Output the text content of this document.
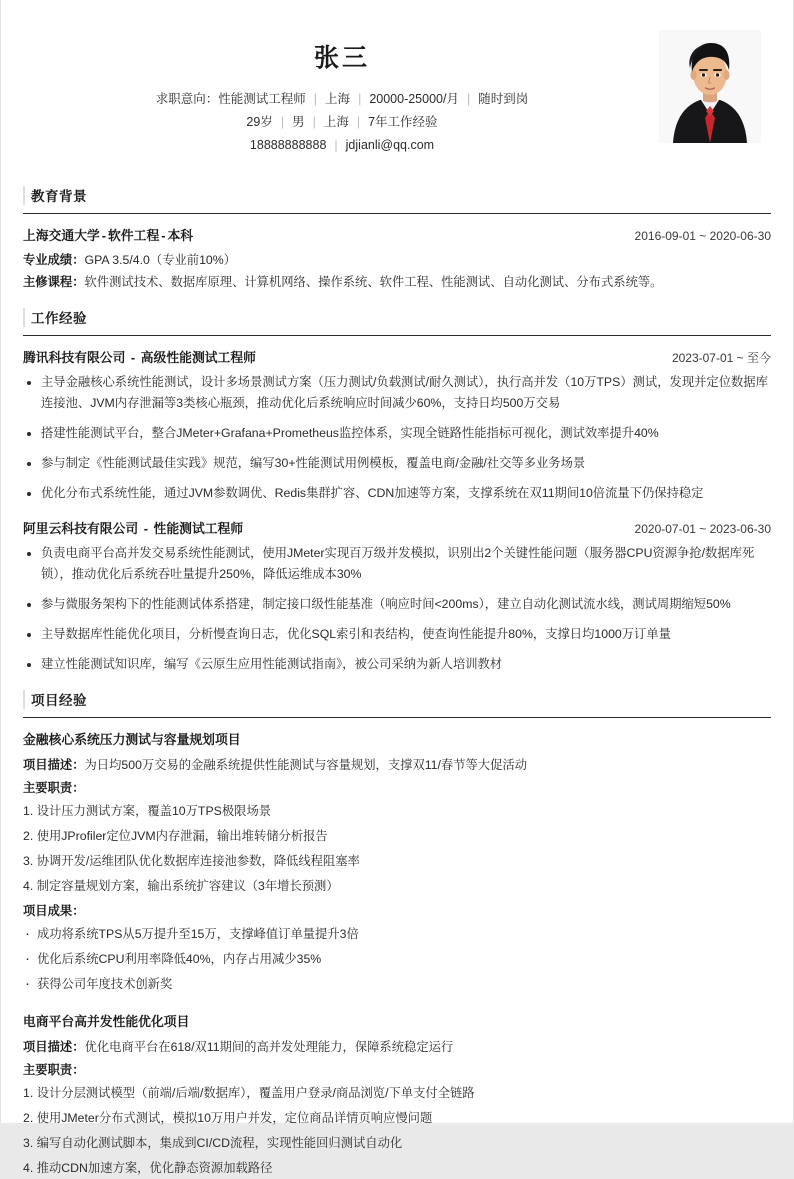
张三
求职意向：性能测试工程师 | 上海 | 20000-25000/月 | 随时到岗
29岁 | 男 | 上海 | 7年工作经验
18888888888 | jdjianli@qq.com
教育背景
上海交通大学 - 软件工程 - 本科	2016-09-01 ~ 2020-06-30
专业成绩：GPA 3.5/4.0（专业前10%）
主修课程：软件测试技术、数据库原理、计算机网络、操作系统、软件工程、性能测试、自动化测试、分布式系统等。
工作经验
腾讯科技有限公司 - 高级性能测试工程师	2023-07-01 ~ 至今
主导金融核心系统性能测试，设计多场景测试方案（压力测试/负载测试/耐久测试），执行高并发（10万TPS）测试，发现并定位数据库连接池、JVM内存泄漏等3类核心瓶颈，推动优化后系统响应时间减少60%，支持日均500万交易
搭建性能测试平台，整合JMeter+Grafana+Prometheus监控体系，实现全链路性能指标可视化，测试效率提升40%
参与制定《性能测试最佳实践》规范，编写30+性能测试用例模板，覆盖电商/金融/社交等多业务场景
优化分布式系统性能，通过JVM参数调优、Redis集群扩容、CDN加速等方案，支撑系统在双11期间10倍流量下仍保持稳定
阿里云科技有限公司 - 性能测试工程师	2020-07-01 ~ 2023-06-30
负责电商平台高并发交易系统性能测试，使用JMeter实现百万级并发模拟，识别出2个关键性能问题（服务器CPU资源争抢/数据库死锁），推动优化后系统吞吐量提升250%，降低运维成本30%
参与微服务架构下的性能测试体系搭建，制定接口级性能基准（响应时间<200ms），建立自动化测试流水线，测试周期缩短50%
主导数据库性能优化项目，分析慢查询日志，优化SQL索引和表结构，使查询性能提升80%，支撑日均1000万订单量
建立性能测试知识库，编写《云原生应用性能测试指南》，被公司采纳为新人培训教材
项目经验
金融核心系统压力测试与容量规划项目
项目描述：为日均500万交易的金融系统提供性能测试与容量规划，支撑双11/春节等大促活动
主要职责：
设计压力测试方案，覆盖10万TPS极限场景
使用JProfiler定位JVM内存泄漏，输出堆转储分析报告
协调开发/运维团队优化数据库连接池参数，降低线程阻塞率
制定容量规划方案，输出系统扩容建议（3年增长预测）
项目成果：
· 成功将系统TPS从5万提升至15万，支撑峰值订单量提升3倍
· 优化后系统CPU利用率降低40%，内存占用减少35%
· 获得公司年度技术创新奖
电商平台高并发性能优化项目
项目描述：优化电商平台在618/双11期间的高并发处理能力，保障系统稳定运行
主要职责：
设计分层测试模型（前端/后端/数据库），覆盖用户登录/商品浏览/下单支付全链路
使用JMeter分布式测试，模拟10万用户并发，定位商品详情页响应慢问题
编写自动化测试脚本，集成到CI/CD流程，实现性能回归测试自动化
推动CDN加速方案，优化静态资源加载路径
